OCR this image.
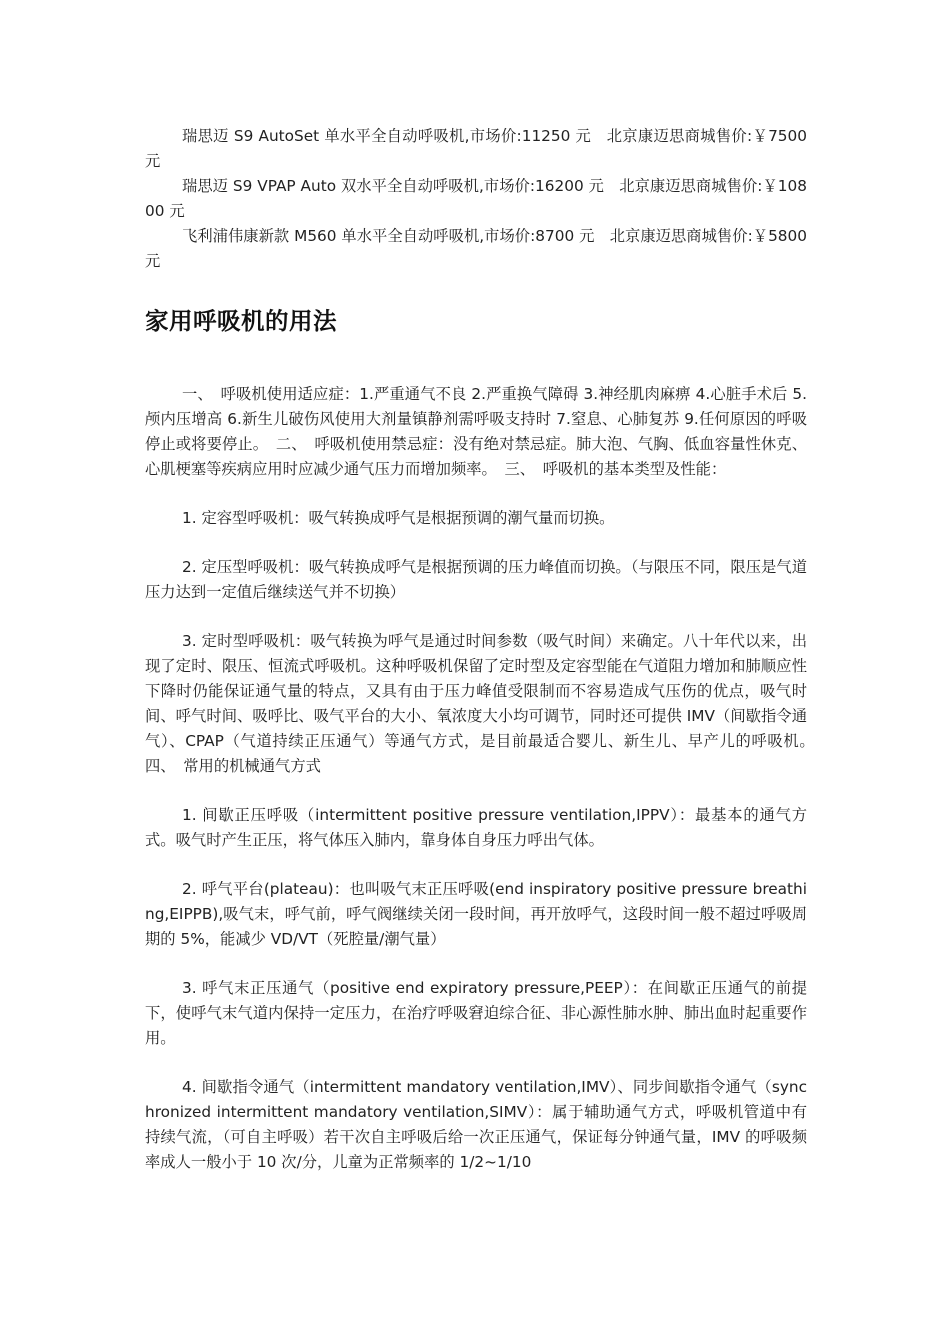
瑞思迈 S9 AutoSet 单水平全自动呼吸机,市场价:11250 元　北京康迈思商城售价:￥7500 元

瑞思迈 S9 VPAP Auto 双水平全自动呼吸机,市场价:16200 元　北京康迈思商城售价:￥10800 元

飞利浦伟康新款 M560 单水平全自动呼吸机,市场价:8700 元　北京康迈思商城售价:￥5800 元

家用呼吸机的用法

一、　呼吸机使用适应症：1.严重通气不良 2.严重换气障碍 3.神经肌肉麻痹 4.心脏手术后 5.颅内压增高 6.新生儿破伤风使用大剂量镇静剂需呼吸支持时 7.窒息、心肺复苏 9.任何原因的呼吸停止或将要停止。　二、　呼吸机使用禁忌症：没有绝对禁忌症。肺大泡、气胸、低血容量性休克、心肌梗塞等疾病应用时应减少通气压力而增加频率。　三、　呼吸机的基本类型及性能：

1. 定容型呼吸机：吸气转换成呼气是根据预调的潮气量而切换。

2. 定压型呼吸机：吸气转换成呼气是根据预调的压力峰值而切换。（与限压不同，限压是气道压力达到一定值后继续送气并不切换）

3. 定时型呼吸机：吸气转换为呼气是通过时间参数（吸气时间）来确定。八十年代以来，出现了定时、限压、恒流式呼吸机。这种呼吸机保留了定时型及定容型能在气道阻力增加和肺顺应性下降时仍能保证通气量的特点，又具有由于压力峰值受限制而不容易造成气压伤的优点，吸气时间、呼气时间、吸呼比、吸气平台的大小、氧浓度大小均可调节，同时还可提供 IMV（间歇指令通气）、CPAP（气道持续正压通气）等通气方式，是目前最适合婴儿、新生儿、早产儿的呼吸机。　四、　常用的机械通气方式

1. 间歇正压呼吸（intermittent positive pressure ventilation,IPPV）：最基本的通气方式。吸气时产生正压，将气体压入肺内，靠身体自身压力呼出气体。

2. 呼气平台(plateau)：也叫吸气末正压呼吸(end inspiratory positive pressure breathing,EIPPB),吸气末，呼气前，呼气阀继续关闭一段时间，再开放呼气，这段时间一般不超过呼吸周期的 5%，能减少 VD/VT（死腔量/潮气量）

3. 呼气末正压通气（positive end expiratory pressure,PEEP）：在间歇正压通气的前提下，使呼气末气道内保持一定压力，在治疗呼吸窘迫综合征、非心源性肺水肿、肺出血时起重要作用。

4. 间歇指令通气（intermittent mandatory ventilation,IMV）、同步间歇指令通气（synchronized intermittent mandatory ventilation,SIMV）：属于辅助通气方式，呼吸机管道中有持续气流，（可自主呼吸）若干次自主呼吸后给一次正压通气，保证每分钟通气量，IMV 的呼吸频率成人一般小于 10 次/分，儿童为正常频率的 1/2~1/10
